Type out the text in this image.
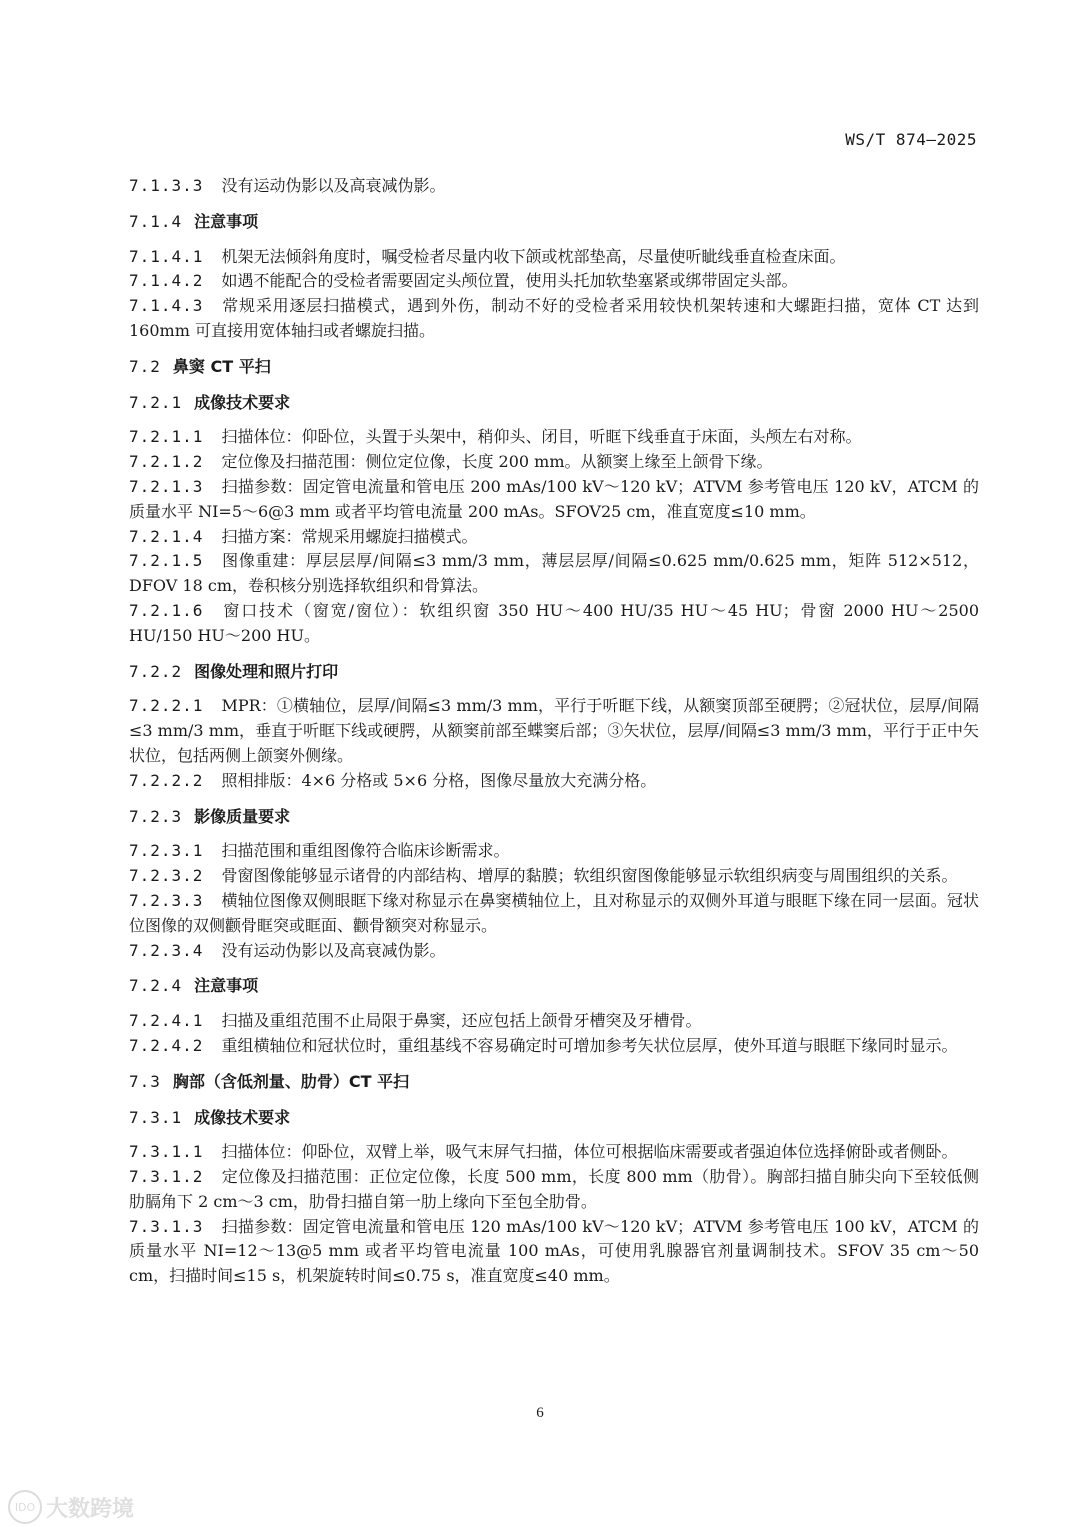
WS/T 874—2025

7.1.3.3 没有运动伪影以及高衰减伪影。

7.1.4 注意事项

7.1.4.1 机架无法倾斜角度时，嘱受检者尽量内收下颌或枕部垫高，尽量使听眦线垂直检查床面。

7.1.4.2 如遇不能配合的受检者需要固定头颅位置，使用头托加软垫塞紧或绑带固定头部。

7.1.4.3 常规采用逐层扫描模式，遇到外伤，制动不好的受检者采用较快机架转速和大螺距扫描，宽体 CT 达到 160mm 可直接用宽体轴扫或者螺旋扫描。

7.2 鼻窦 CT 平扫

7.2.1 成像技术要求

7.2.1.1 扫描体位：仰卧位，头置于头架中，稍仰头、闭目，听眶下线垂直于床面，头颅左右对称。

7.2.1.2 定位像及扫描范围：侧位定位像，长度 200 mm。从额窦上缘至上颌骨下缘。

7.2.1.3 扫描参数：固定管电流量和管电压 200 mAs/100 kV～120 kV；ATVM 参考管电压 120 kV，ATCM 的质量水平 NI=5～6@3 mm 或者平均管电流量 200 mAs。SFOV25 cm，准直宽度≤10 mm。

7.2.1.4 扫描方案：常规采用螺旋扫描模式。

7.2.1.5 图像重建：厚层层厚/间隔≤3 mm/3 mm，薄层层厚/间隔≤0.625 mm/0.625 mm，矩阵 512×512，DFOV 18 cm，卷积核分别选择软组织和骨算法。

7.2.1.6 窗口技术（窗宽/窗位）：软组织窗 350 HU～400 HU/35 HU～45 HU；骨窗 2000 HU～2500 HU/150 HU～200 HU。

7.2.2 图像处理和照片打印

7.2.2.1 MPR：①横轴位，层厚/间隔≤3 mm/3 mm，平行于听眶下线，从额窦顶部至硬腭；②冠状位，层厚/间隔≤3 mm/3 mm，垂直于听眶下线或硬腭，从额窦前部至蝶窦后部；③矢状位，层厚/间隔≤3 mm/3 mm，平行于正中矢状位，包括两侧上颌窦外侧缘。

7.2.2.2 照相排版：4×6 分格或 5×6 分格，图像尽量放大充满分格。

7.2.3 影像质量要求

7.2.3.1 扫描范围和重组图像符合临床诊断需求。

7.2.3.2 骨窗图像能够显示诸骨的内部结构、增厚的黏膜；软组织窗图像能够显示软组织病变与周围组织的关系。

7.2.3.3 横轴位图像双侧眼眶下缘对称显示在鼻窦横轴位上，且对称显示的双侧外耳道与眼眶下缘在同一层面。冠状位图像的双侧颧骨眶突或眶面、颧骨额突对称显示。

7.2.3.4 没有运动伪影以及高衰减伪影。

7.2.4 注意事项

7.2.4.1 扫描及重组范围不止局限于鼻窦，还应包括上颌骨牙槽突及牙槽骨。

7.2.4.2 重组横轴位和冠状位时，重组基线不容易确定时可增加参考矢状位层厚，使外耳道与眼眶下缘同时显示。

7.3 胸部（含低剂量、肋骨）CT 平扫

7.3.1 成像技术要求

7.3.1.1 扫描体位：仰卧位，双臂上举，吸气末屏气扫描，体位可根据临床需要或者强迫体位选择俯卧或者侧卧。

7.3.1.2 定位像及扫描范围：正位定位像，长度 500 mm，长度 800 mm（肋骨）。胸部扫描自肺尖向下至较低侧肋膈角下 2 cm～3 cm，肋骨扫描自第一肋上缘向下至包全肋骨。

7.3.1.3 扫描参数：固定管电流量和管电压 120 mAs/100 kV～120 kV；ATVM 参考管电压 100 kV，ATCM 的质量水平 NI=12～13@5 mm 或者平均管电流量 100 mAs，可使用乳腺器官剂量调制技术。SFOV 35 cm～50 cm，扫描时间≤15 s，机架旋转时间≤0.75 s，准直宽度≤40 mm。

6
IDO 大数跨境
